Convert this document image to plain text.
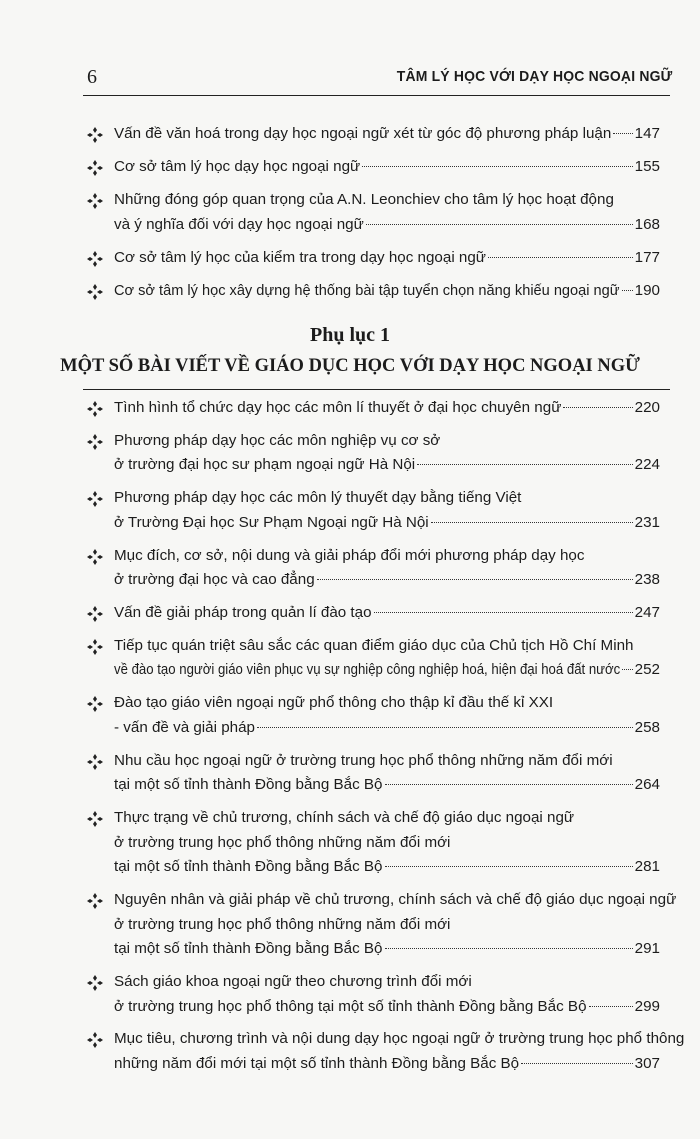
6	TÂM LÝ HỌC VỚI DẠY HỌC NGOẠI NGỮ
Phụ lục 1
MỘT SỐ BÀI VIẾT VỀ GIÁO DỤC HỌC VỚI DẠY HỌC NGOẠI NGỮ
Vấn đề văn hoá trong dạy học ngoại ngữ xét từ góc độ phương pháp luận 147
Cơ sở tâm lý học dạy học ngoại ngữ	155
Những đóng góp quan trọng của A.N. Leonchiev cho tâm lý học hoạt động
và ý nghĩa đối với dạy học ngoại ngữ	168
Cơ sở tâm lý học của kiểm tra trong dạy học ngoại ngữ	177
Cơ sở tâm lý học xây dựng hệ thống bài tập tuyển chọn năng khiếu ngoại ngữ 190
Tình hình tổ chức dạy học các môn lí thuyết ở đại học chuyên ngữ	220
Phương pháp dạy học các môn nghiệp vụ cơ sở
ở trường đại học sư phạm ngoại ngữ Hà Nội	224
Phương pháp dạy học các môn lý thuyết dạy bằng tiếng Việt
ở Trường Đại học Sư Phạm Ngoại ngữ Hà Nội	231
Mục đích, cơ sở, nội dung và giải pháp đổi mới phương pháp dạy học
ở trường đại học và cao đẳng	238
Vấn đề giải pháp trong quản lí đào tạo	247
Tiếp tục quán triệt sâu sắc các quan điểm giáo dục của Chủ tịch Hồ Chí Minh
về đào tạo người giáo viên phục vụ sự nghiệp công nghiệp hoá, hiện đại hoá đất nước 252
Đào tạo giáo viên ngoại ngữ phổ thông cho thập kỉ đầu thế kỉ XXI
- vấn đề và giải pháp	258
Nhu cầu học ngoại ngữ ở trường trung học phổ thông những năm đổi mới
tại một số tỉnh thành Đồng bằng Bắc Bộ	264
Thực trạng về chủ trương, chính sách và chế độ giáo dục ngoại ngữ
ở trường trung học phổ thông những năm đổi mới
tại một số tỉnh thành Đồng bằng Bắc Bộ	281
Nguyên nhân và giải pháp về chủ trương, chính sách và chế độ giáo dục ngoại ngữ
ở trường trung học phổ thông những năm đổi mới
tại một số tỉnh thành Đồng bằng Bắc Bộ	291
Sách giáo khoa ngoại ngữ theo chương trình đổi mới
ở trường trung học phổ thông tại một số tỉnh thành Đồng bằng Bắc Bộ	299
Mục tiêu, chương trình và nội dung dạy học ngoại ngữ ở trường trung học phổ thông
những năm đổi mới tại một số tỉnh thành Đồng bằng Bắc Bộ	307
